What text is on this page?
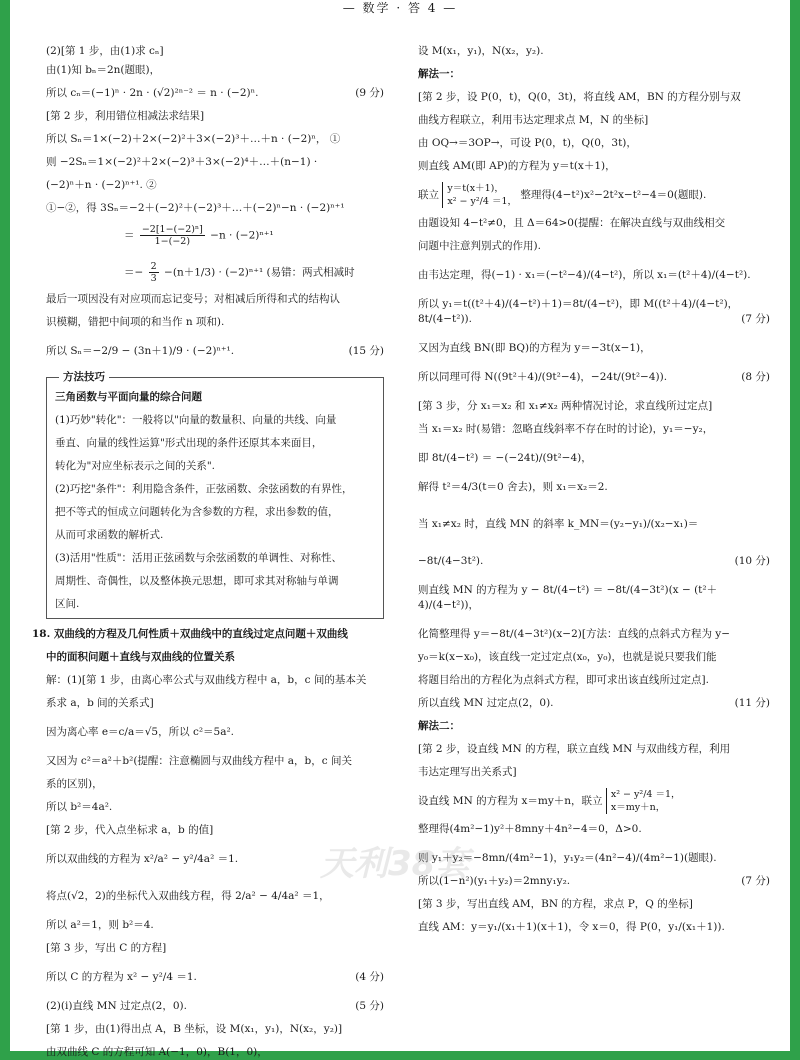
— 数学 · 答 4 —

(2)[第 1 步，由(1)求 cₙ]

由(1)知 bₙ＝2n(题眼)，

所以 cₙ＝(−1)ⁿ · 2n · (√2)²ⁿ⁻² ＝ n · (−2)ⁿ.	(9 分)

[第 2 步，利用错位相减法求结果]

所以 Sₙ＝1×(−2)＋2×(−2)²＋3×(−2)³＋…＋n · (−2)ⁿ， ①

则 −2Sₙ＝1×(−2)²＋2×(−2)³＋3×(−2)⁴＋…＋(n−1) ·

(−2)ⁿ＋n · (−2)ⁿ⁺¹. ②

①−②，得 3Sₙ＝−2＋(−2)²＋(−2)³＋…＋(−2)ⁿ−n · (−2)ⁿ⁺¹

＝ $\frac{\text{−2[1−(−2)ⁿ]}}{1-(-2)} -n \cdot (-2)^{n+1}$

＝− $\frac{2}{3} -(n+1/3) \cdot (-2)^{n+1}$ (易错：两式相减时

最后一项因没有对应项而忘记变号；对相减后所得和式的结构认

识模糊，错把中间项的和当作 n 项和).

所以 Sₙ＝−2/9 − (3n＋1)/9 · (−2)ⁿ⁺¹.	(15 分)

方法技巧

三角函数与平面向量的综合问题

(1)巧妙"转化"：一般将以"向量的数量积、向量的共线、向量

垂直、向量的线性运算"形式出现的条件还原其本来面目，

转化为"对应坐标表示之间的关系".

(2)巧挖"条件"：利用隐含条件，正弦函数、余弦函数的有界性，

把不等式的恒成立问题转化为含参数的方程，求出参数的值，

从而可求函数的解析式.

(3)活用"性质"：活用正弦函数与余弦函数的单调性、对称性、

周期性、奇偶性，以及整体换元思想，即可求其对称轴与单调

区间.

18. 双曲线的方程及几何性质＋双曲线中的直线过定点问题＋双曲线

中的面积问题＋直线与双曲线的位置关系

解：(1)[第 1 步，由离心率公式与双曲线方程中 a，b，c 间的基本关

系求 a，b 间的关系式]

因为离心率 e＝c/a＝√5，所以 c²＝5a².

又因为 c²＝a²＋b²(提醒：注意椭圆与双曲线方程中 a，b，c 间关

系的区别)，

所以 b²＝4a².

[第 2 步，代入点坐标求 a，b 的值]

所以双曲线的方程为 x²/a² − y²/4a² ＝1.

将点(√2，2)的坐标代入双曲线方程，得 2/a² − 4/4a² ＝1，

所以 a²＝1，则 b²＝4.

[第 3 步，写出 C 的方程]

所以 C 的方程为 x² − y²/4 ＝1.	(4 分)

(2)(ⅰ)直线 MN 过定点(2，0).	(5 分)

[第 1 步，由(1)得出点 A，B 坐标，设 M(x₁，y₁)，N(x₂，y₂)]

由双曲线 C 的方程可知 A(−1，0)，B(1，0)，

设 M(x₁，y₁)，N(x₂，y₂).

解法一：

[第 2 步，设 P(0，t)，Q(0，3t)，将直线 AM，BN 的方程分别与双

曲线方程联立，利用韦达定理求点 M，N 的坐标]

由 OQ→＝3OP→，可设 P(0，t)，Q(0，3t)，

则直线 AM(即 AP)的方程为 y＝t(x＋1)，

联立
y＝t(x＋1)，
x² − y²/4 ＝1，
整理得(4−t²)x²−2t²x−t²−4＝0(题眼).

由题设知 4−t²≠0，且 Δ＝64>0(提醒：在解决直线与双曲线相交

问题中注意判别式的作用).

由韦达定理，得(−1) · x₁＝(−t²−4)/(4−t²)，所以 x₁＝(t²＋4)/(4−t²).

所以 y₁＝t((t²＋4)/(4−t²)＋1)＝8t/(4−t²)，即 M((t²＋4)/(4−t²)，8t/(4−t²)).	(7 分)

又因为直线 BN(即 BQ)的方程为 y＝−3t(x−1)，

所以同理可得 N((9t²＋4)/(9t²−4)，−24t/(9t²−4)).	(8 分)

[第 3 步，分 x₁＝x₂ 和 x₁≠x₂ 两种情况讨论，求直线所过定点]

当 x₁＝x₂ 时(易错：忽略直线斜率不存在时的讨论)，y₁＝−y₂，

即 8t/(4−t²) ＝ −(−24t)/(9t²−4)，

解得 t²＝4/3(t＝0 舍去)，则 x₁＝x₂＝2.

当 x₁≠x₂ 时，直线 MN 的斜率 k_MN＝(y₂−y₁)/(x₂−x₁)＝

−8t/(4−3t²).	(10 分)

则直线 MN 的方程为 y − 8t/(4−t²) ＝ −8t/(4−3t²)(x − (t²＋4)/(4−t²))，

化简整理得 y＝−8t/(4−3t²)(x−2)[方法：直线的点斜式方程为 y−

y₀＝k(x−x₀)，该直线一定过定点(x₀，y₀)，也就是说只要我们能

将题目给出的方程化为点斜式方程，即可求出该直线所过定点].

所以直线 MN 过定点(2，0).	(11 分)

解法二：

[第 2 步，设直线 MN 的方程，联立直线 MN 与双曲线方程，利用

韦达定理写出关系式]

设直线 MN 的方程为 x＝my＋n，联立
x² − y²/4 ＝1，
x＝my＋n，

整理得(4m²−1)y²＋8mny＋4n²−4＝0，Δ>0.

则 y₁＋y₂＝−8mn/(4m²−1)，y₁y₂＝(4n²−4)/(4m²−1)(题眼).

所以(1−n²)(y₁＋y₂)＝2mny₁y₂.	(7 分)

[第 3 步，写出直线 AM，BN 的方程，求点 P，Q 的坐标]

直线 AM：y＝y₁/(x₁＋1)(x＋1)，令 x＝0，得 P(0，y₁/(x₁＋1)).

天利38套
